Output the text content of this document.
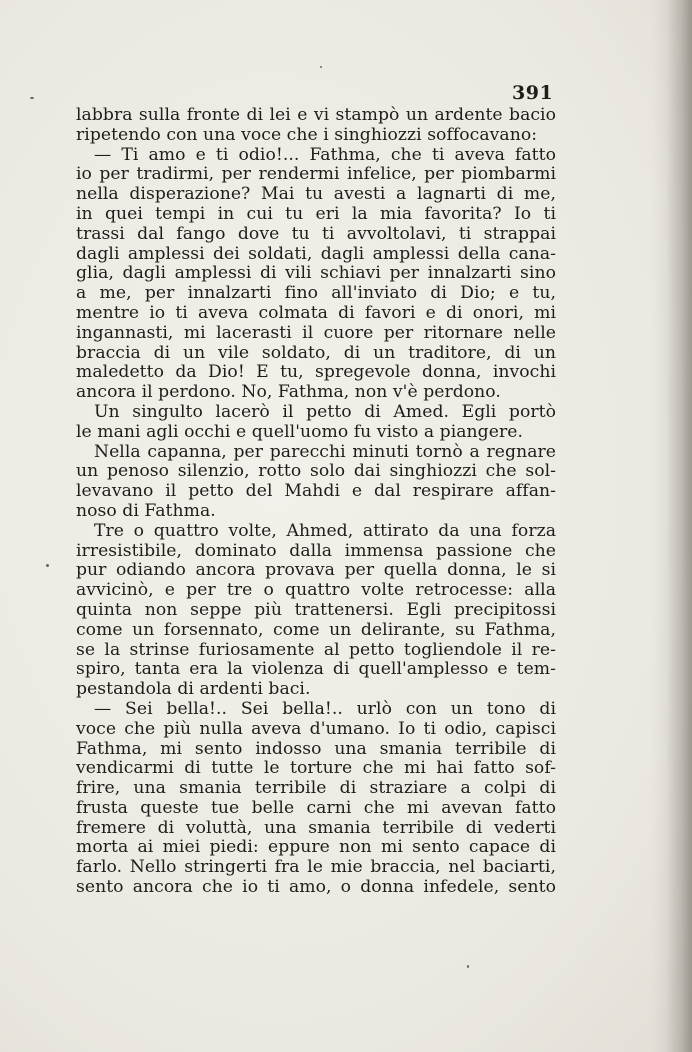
391
labbra sulla fronte di lei e vi stampò un ardente bacio
ripetendo con una voce che i singhiozzi soffocavano:
— Ti amo e ti odio!... Fathma, che ti aveva fatto
io per tradirmi, per rendermi infelice, per piombarmi
nella disperazione? Mai tu avesti a lagnarti di me,
in quei tempi in cui tu eri la mia favorita? Io ti
trassi dal fango dove tu ti avvoltolavi, ti strappai
dagli amplessi dei soldati, dagli amplessi della cana-
glia, dagli amplessi di vili schiavi per innalzarti sino
a me, per innalzarti fino all'inviato di Dio; e tu,
mentre io ti aveva colmata di favori e di onori, mi
ingannasti, mi lacerasti il cuore per ritornare nelle
braccia di un vile soldato, di un traditore, di un
maledetto da Dio! E tu, spregevole donna, invochi
ancora il perdono. No, Fathma, non v'è perdono.
Un singulto lacerò il petto di Amed. Egli portò
le mani agli occhi e quell'uomo fu visto a piangere.
Nella capanna, per parecchi minuti tornò a regnare
un penoso silenzio, rotto solo dai singhiozzi che sol-
levavano il petto del Mahdi e dal respirare affan-
noso di Fathma.
Tre o quattro volte, Ahmed, attirato da una forza
irresistibile, dominato dalla immensa passione che
pur odiando ancora provava per quella donna, le si
avvicinò, e per tre o quattro volte retrocesse: alla
quinta non seppe più trattenersi. Egli precipitossi
come un forsennato, come un delirante, su Fathma,
se la strinse furiosamente al petto togliendole il re-
spiro, tanta era la violenza di quell'amplesso e tem-
pestandola di ardenti baci.
— Sei bella!.. Sei bella!.. urlò con un tono di
voce che più nulla aveva d'umano. Io ti odio, capisci
Fathma, mi sento indosso una smania terribile di
vendicarmi di tutte le torture che mi hai fatto sof-
frire, una smania terribile di straziare a colpi di
frusta queste tue belle carni che mi avevan fatto
fremere di voluttà, una smania terribile di vederti
morta ai miei piedi: eppure non mi sento capace di
farlo. Nello stringerti fra le mie braccia, nel baciarti,
sento ancora che io ti amo, o donna infedele, sento
